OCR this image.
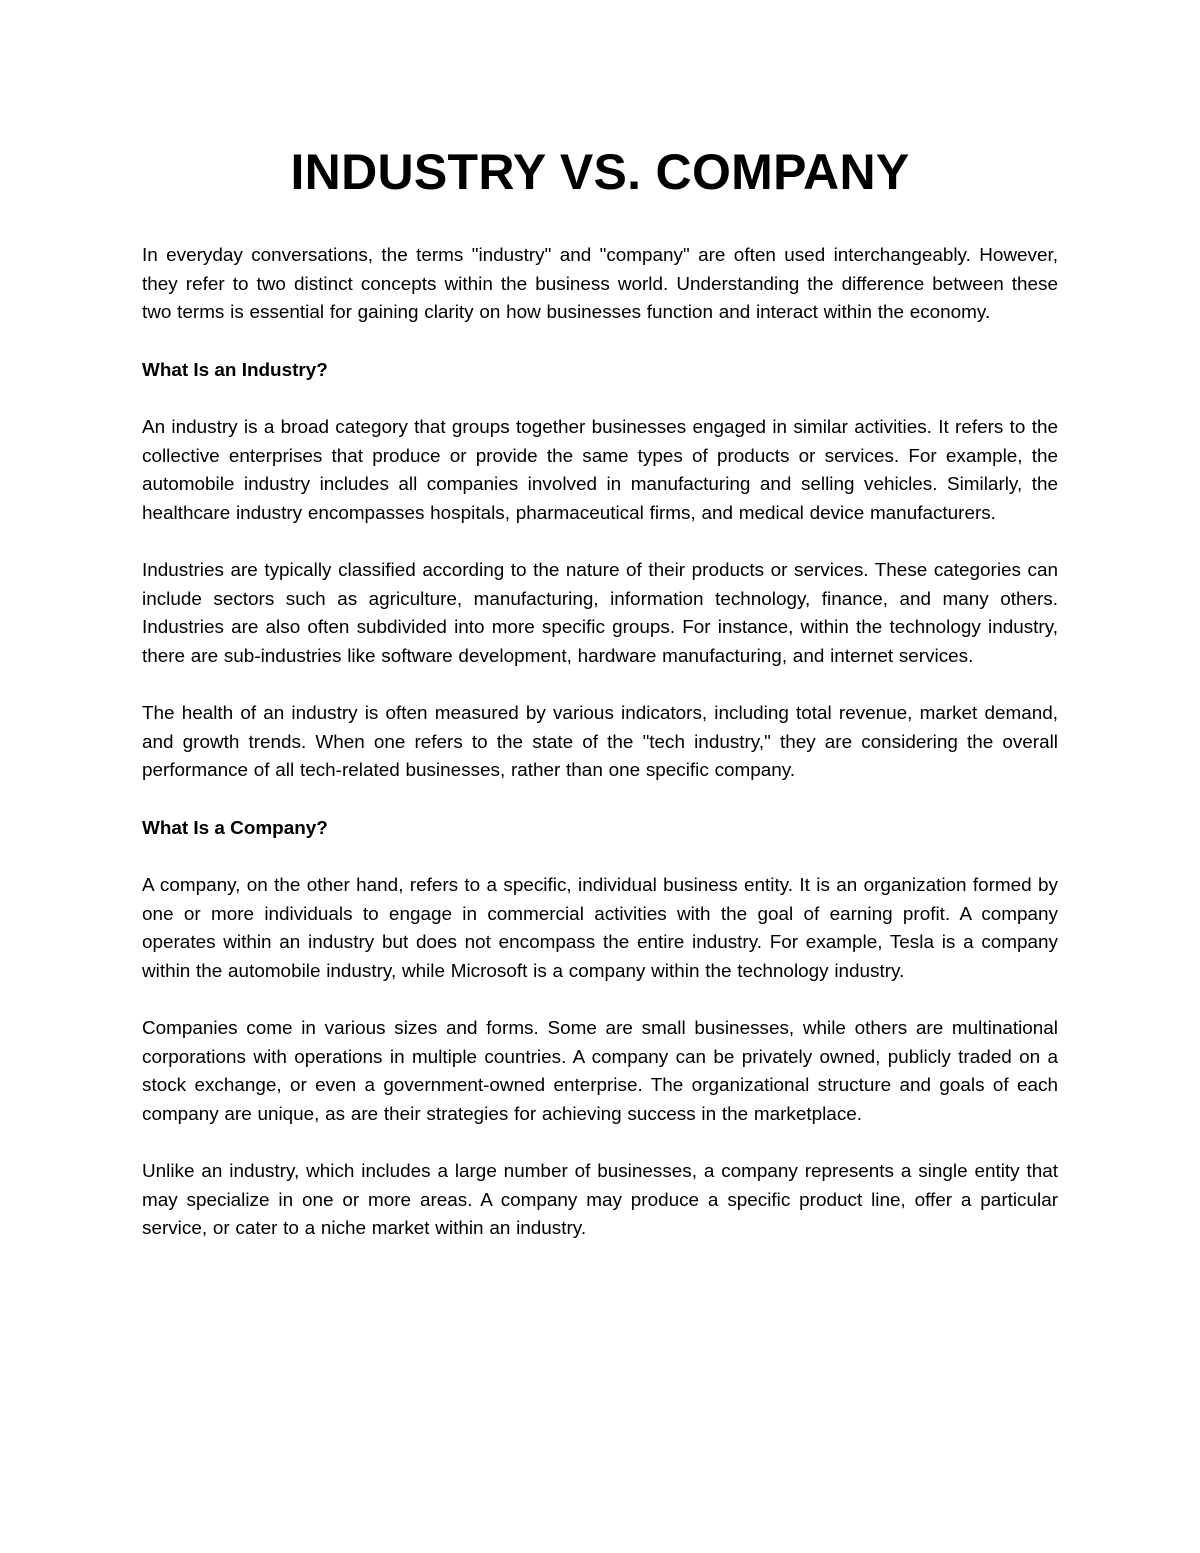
INDUSTRY VS. COMPANY

In everyday conversations, the terms "industry" and "company" are often used interchangeably. However, they refer to two distinct concepts within the business world. Understanding the difference between these two terms is essential for gaining clarity on how businesses function and interact within the economy.

What Is an Industry?

An industry is a broad category that groups together businesses engaged in similar activities. It refers to the collective enterprises that produce or provide the same types of products or services. For example, the automobile industry includes all companies involved in manufacturing and selling vehicles. Similarly, the healthcare industry encompasses hospitals, pharmaceutical firms, and medical device manufacturers.

Industries are typically classified according to the nature of their products or services. These categories can include sectors such as agriculture, manufacturing, information technology, finance, and many others. Industries are also often subdivided into more specific groups. For instance, within the technology industry, there are sub-industries like software development, hardware manufacturing, and internet services.

The health of an industry is often measured by various indicators, including total revenue, market demand, and growth trends. When one refers to the state of the "tech industry," they are considering the overall performance of all tech-related businesses, rather than one specific company.

What Is a Company?

A company, on the other hand, refers to a specific, individual business entity. It is an organization formed by one or more individuals to engage in commercial activities with the goal of earning profit. A company operates within an industry but does not encompass the entire industry. For example, Tesla is a company within the automobile industry, while Microsoft is a company within the technology industry.

Companies come in various sizes and forms. Some are small businesses, while others are multinational corporations with operations in multiple countries. A company can be privately owned, publicly traded on a stock exchange, or even a government-owned enterprise. The organizational structure and goals of each company are unique, as are their strategies for achieving success in the marketplace.

Unlike an industry, which includes a large number of businesses, a company represents a single entity that may specialize in one or more areas. A company may produce a specific product line, offer a particular service, or cater to a niche market within an industry.
